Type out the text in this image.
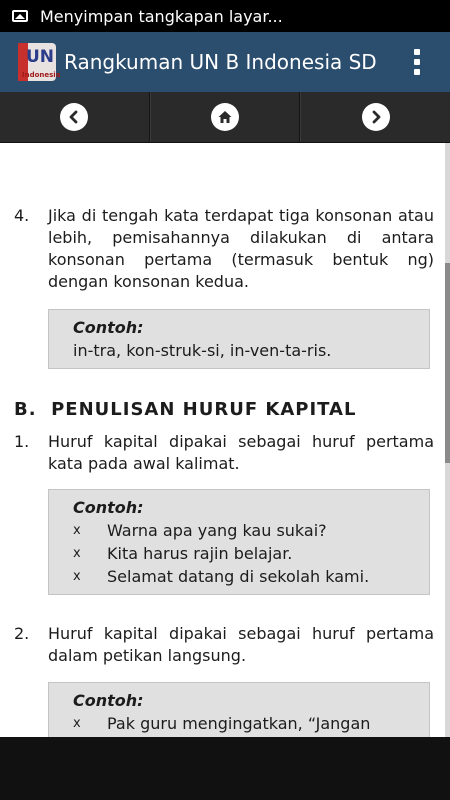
Menyimpan tangkapan layar...
UN
Indonesia
Rangkuman UN B Indonesia SD
4.	Jika di tengah kata terdapat tiga konsonan atau lebih, pemisahannya dilakukan di antara konsonan pertama (termasuk bentuk ng) dengan konsonan kedua.
Contoh:
in-tra, kon-struk-si, in-ven-ta-ris.
B. PENULISAN HURUF KAPITAL
1.	Huruf kapital dipakai sebagai huruf pertama kata pada awal kalimat.
Contoh:
x	Warna apa yang kau sukai?
x	Kita harus rajin belajar.
x	Selamat datang di sekolah kami.
2.	Huruf kapital dipakai sebagai huruf pertama dalam petikan langsung.
Contoh:
x	Pak guru mengingatkan, “Jangan
